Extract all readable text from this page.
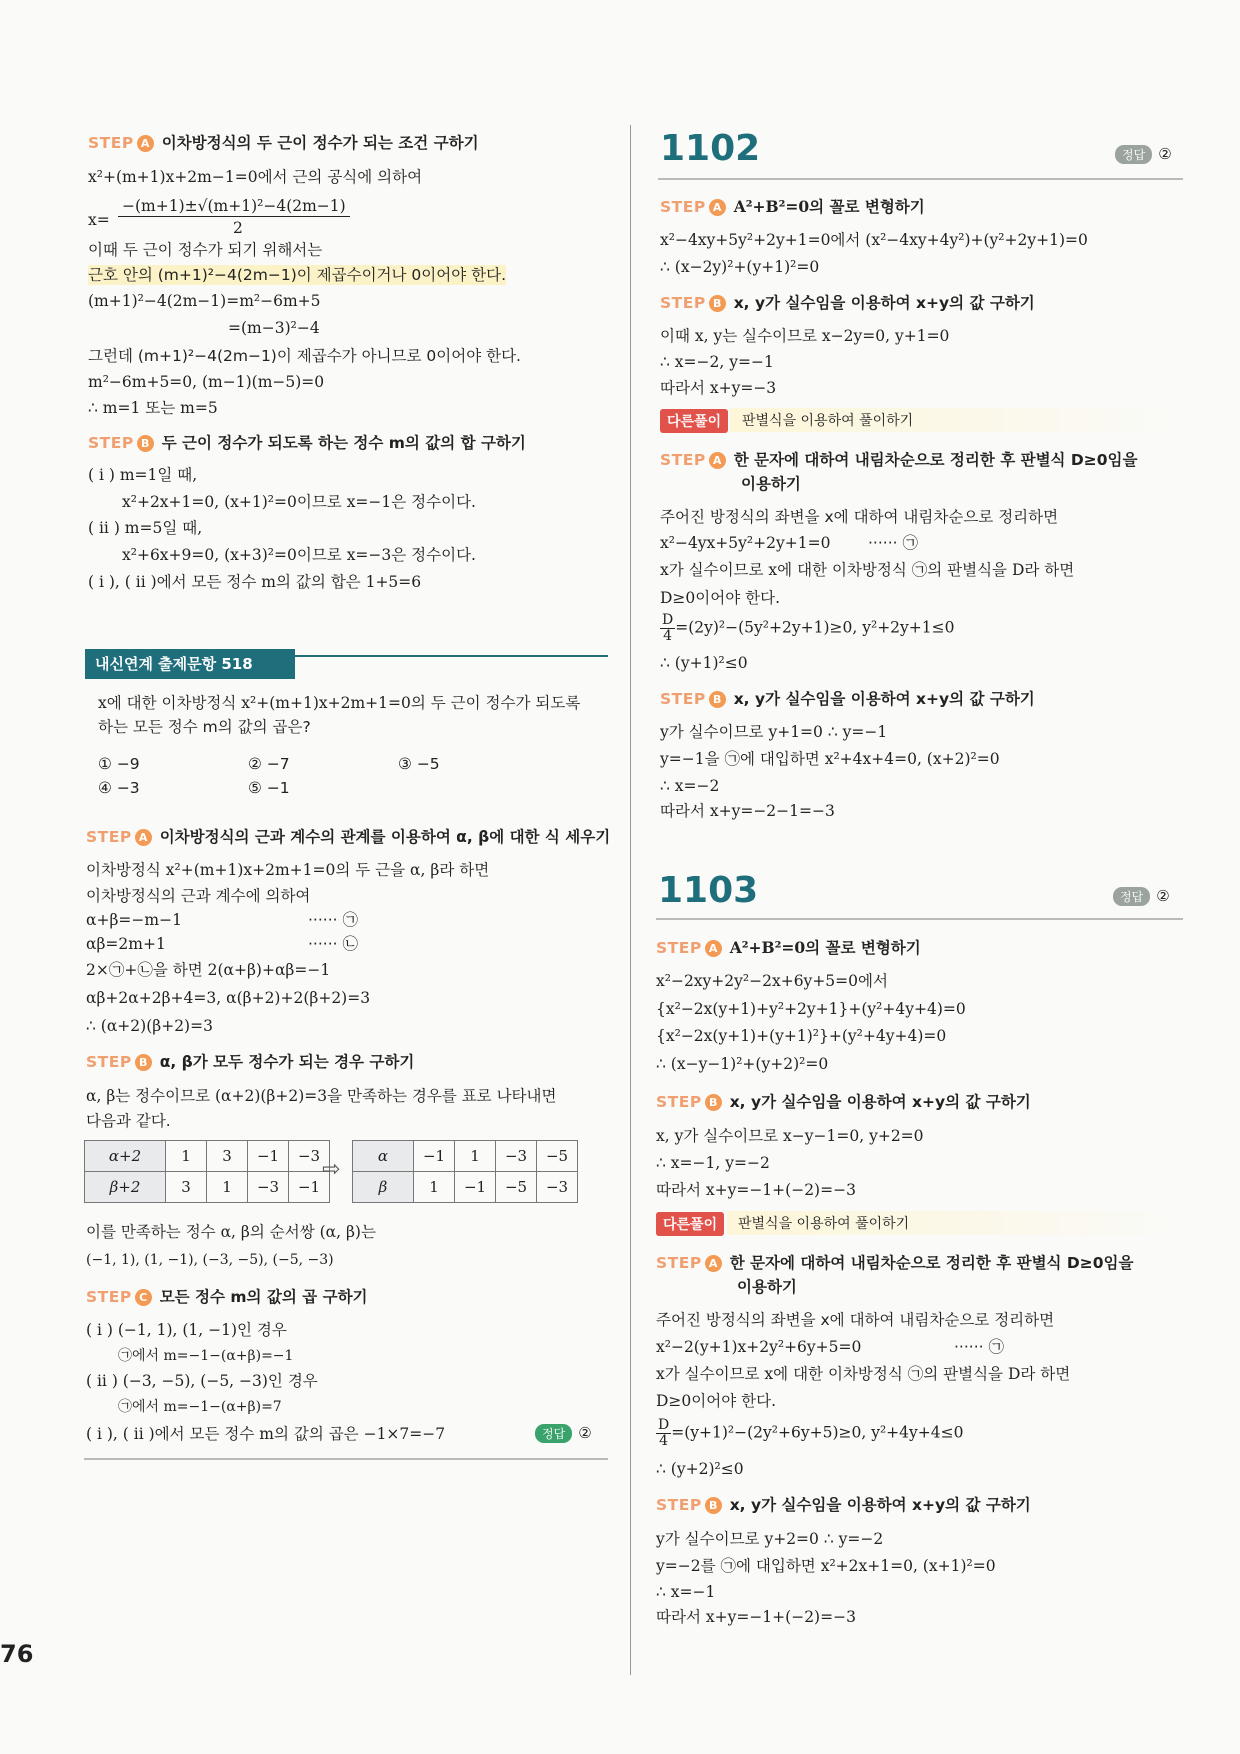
STEP A 이차방정식의 두 근이 정수가 되는 조건 구하기
x²+(m+1)x+2m−1=0에서 근의 공식에 의하여
x=
−(m+1)±√(m+1)²−4(2m−1)
2
이때 두 근이 정수가 되기 위해서는
근호 안의 (m+1)²−4(2m−1)이 제곱수이거나 0이어야 한다.
(m+1)²−4(2m−1)=m²−6m+5
=(m−3)²−4
그런데 (m+1)²−4(2m−1)이 제곱수가 아니므로 0이어야 한다.
m²−6m+5=0, (m−1)(m−5)=0
∴ m=1 또는 m=5
STEP B 두 근이 정수가 되도록 하는 정수 m의 값의 합 구하기
( i ) m=1일 때,
x²+2x+1=0, (x+1)²=0이므로 x=−1은 정수이다.
( ii ) m=5일 때,
x²+6x+9=0, (x+3)²=0이므로 x=−3은 정수이다.
( i ), ( ii )에서 모든 정수 m의 값의 합은 1+5=6
내신연계 출제문항 518
x에 대한 이차방정식 x²+(m+1)x+2m+1=0의 두 근이 정수가 되도록
하는 모든 정수 m의 값의 곱은?
① −9	② −7	③ −5
④ −3	⑤ −1
STEP A 이차방정식의 근과 계수의 관계를 이용하여 α, β에 대한 식 세우기
이차방정식 x²+(m+1)x+2m+1=0의 두 근을 α, β라 하면
이차방정식의 근과 계수에 의하여
α+β=−m−1	······ ㉠
αβ=2m+1	······ ㉡
2×㉠+㉡을 하면 2(α+β)+αβ=−1
αβ+2α+2β+4=3, α(β+2)+2(β+2)=3
∴ (α+2)(β+2)=3
STEP B α, β가 모두 정수가 되는 경우 구하기
α, β는 정수이므로 (α+2)(β+2)=3을 만족하는 경우를 표로 나타내면
다음과 같다.
α+2	1	3	−1	−3
β+2	3	1	−3	−1
⇨
α	−1	1	−3	−5
β	1	−1	−5	−3
이를 만족하는 정수 α, β의 순서쌍 (α, β)는
(−1, 1), (1, −1), (−3, −5), (−5, −3)
STEP C 모든 정수 m의 값의 곱 구하기
( i ) (−1, 1), (1, −1)인 경우
㉠에서 m=−1−(α+β)=−1
( ii ) (−3, −5), (−5, −3)인 경우
㉠에서 m=−1−(α+β)=7
( i ), ( ii )에서 모든 정수 m의 값의 곱은 −1×7=−7	정답 ②
1102	정답 ②
STEP A A²+B²=0의 꼴로 변형하기
x²−4xy+5y²+2y+1=0에서 (x²−4xy+4y²)+(y²+2y+1)=0
∴ (x−2y)²+(y+1)²=0
STEP B x, y가 실수임을 이용하여 x+y의 값 구하기
이때 x, y는 실수이므로 x−2y=0, y+1=0
∴ x=−2, y=−1
따라서 x+y=−3
다른풀이	판별식을 이용하여 풀이하기
STEP A 한 문자에 대하여 내림차순으로 정리한 후 판별식 D≥0임을
이용하기
주어진 방정식의 좌변을 x에 대하여 내림차순으로 정리하면
x²−4yx+5y²+2y+1=0 ······ ㉠
x가 실수이므로 x에 대한 이차방정식 ㉠의 판별식을 D라 하면
D≥0이어야 한다.
$\frac{D}{4} =(2y)^2-(5y^2+2y+1)\ge 0$, y²+2y+1≤0
∴ (y+1)²≤0
STEP B x, y가 실수임을 이용하여 x+y의 값 구하기
y가 실수이므로 y+1=0 ∴ y=−1
y=−1을 ㉠에 대입하면 x²+4x+4=0, (x+2)²=0
∴ x=−2
따라서 x+y=−2−1=−3
1103	정답 ②
STEP A A²+B²=0의 꼴로 변형하기
x²−2xy+2y²−2x+6y+5=0에서
{x²−2x(y+1)+y²+2y+1}+(y²+4y+4)=0
{x²−2x(y+1)+(y+1)²}+(y²+4y+4)=0
∴ (x−y−1)²+(y+2)²=0
STEP B x, y가 실수임을 이용하여 x+y의 값 구하기
x, y가 실수이므로 x−y−1=0, y+2=0
∴ x=−1, y=−2
따라서 x+y=−1+(−2)=−3
다른풀이	판별식을 이용하여 풀이하기
STEP A 한 문자에 대하여 내림차순으로 정리한 후 판별식 D≥0임을
이용하기
주어진 방정식의 좌변을 x에 대하여 내림차순으로 정리하면
x²−2(y+1)x+2y²+6y+5=0	······ ㉠
x가 실수이므로 x에 대한 이차방정식 ㉠의 판별식을 D라 하면
D≥0이어야 한다.
$\frac{D}{4} =(y+1)^2-(2y^2+6y+5)\ge 0$, y²+4y+4≤0
∴ (y+2)²≤0
STEP B x, y가 실수임을 이용하여 x+y의 값 구하기
y가 실수이므로 y+2=0 ∴ y=−2
y=−2를 ㉠에 대입하면 x²+2x+1=0, (x+1)²=0
∴ x=−1
따라서 x+y=−1+(−2)=−3
76
